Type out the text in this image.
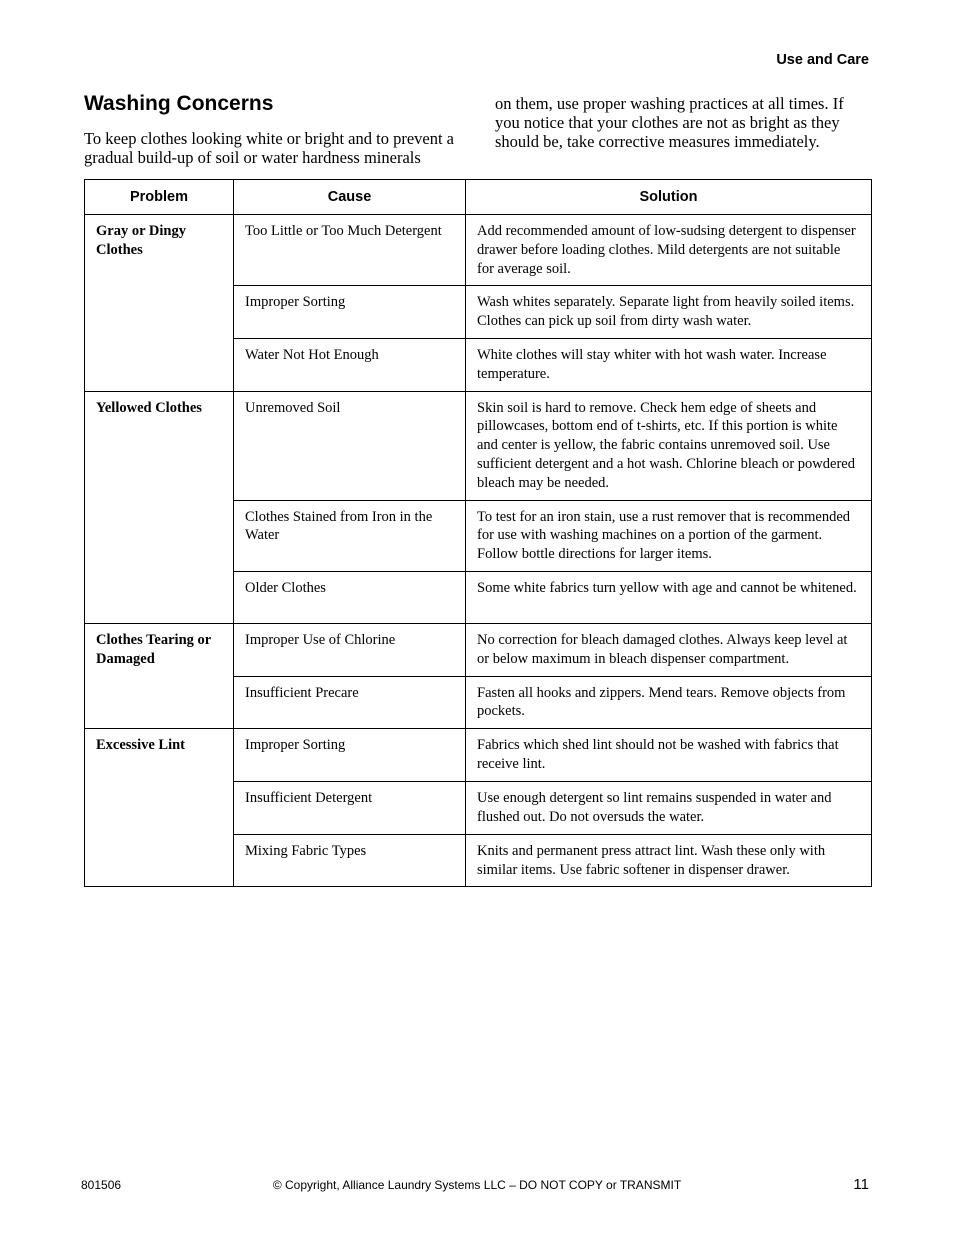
Use and Care
Washing Concerns

To keep clothes looking white or bright and to prevent a gradual build-up of soil or water hardness minerals

on them, use proper washing practices at all times. If you notice that your clothes are not as bright as they should be, take corrective measures immediately.

Problem	Cause	Solution
Gray or Dingy Clothes	Too Little or Too Much Detergent	Add recommended amount of low-sudsing detergent to dispenser drawer before loading clothes. Mild detergents are not suitable for average soil.
	Improper Sorting	Wash whites separately. Separate light from heavily soiled items. Clothes can pick up soil from dirty wash water.
	Water Not Hot Enough	White clothes will stay whiter with hot wash water. Increase temperature.
Yellowed Clothes	Unremoved Soil	Skin soil is hard to remove. Check hem edge of sheets and pillowcases, bottom end of t-shirts, etc. If this portion is white and center is yellow, the fabric contains unremoved soil. Use sufficient detergent and a hot wash. Chlorine bleach or powdered bleach may be needed.
	Clothes Stained from Iron in the Water	To test for an iron stain, use a rust remover that is recommended for use with washing machines on a portion of the garment. Follow bottle directions for larger items.
	Older Clothes	Some white fabrics turn yellow with age and cannot be whitened.
Clothes Tearing or Damaged	Improper Use of Chlorine	No correction for bleach damaged clothes. Always keep level at or below maximum in bleach dispenser compartment.
	Insufficient Precare	Fasten all hooks and zippers. Mend tears. Remove objects from pockets.
Excessive Lint	Improper Sorting	Fabrics which shed lint should not be washed with fabrics that receive lint.
	Insufficient Detergent	Use enough detergent so lint remains suspended in water and flushed out. Do not oversuds the water.
	Mixing Fabric Types	Knits and permanent press attract lint. Wash these only with similar items. Use fabric softener in dispenser drawer.
801506	© Copyright, Alliance Laundry Systems LLC – DO NOT COPY or TRANSMIT	11
